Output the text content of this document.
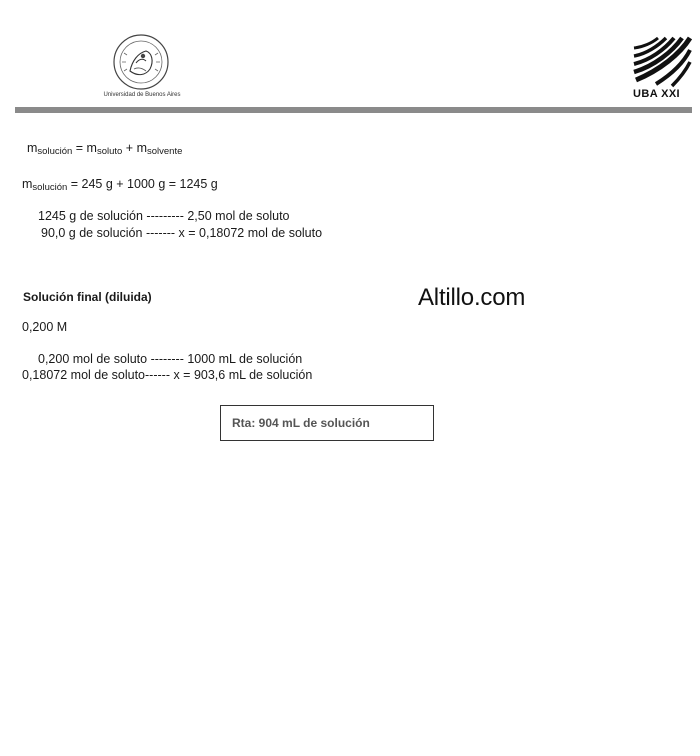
Universidad de Buenos Aires	UBA XXI
$m_{solución} = m_{soluto} + m_{solvente}$
$m_{solución} = 245$ g + 1000 g = 1245 g
1245 g de solución --------- 2,50 mol de soluto
90,0 g de solución ------- x = 0,18072 mol de soluto
Solución final (diluida)	Altillo.com
0,200 M
0,200 mol de soluto -------- 1000 mL de solución
0,18072 mol de soluto------ x = 903,6 mL de solución
Rta: 904 mL de solución
